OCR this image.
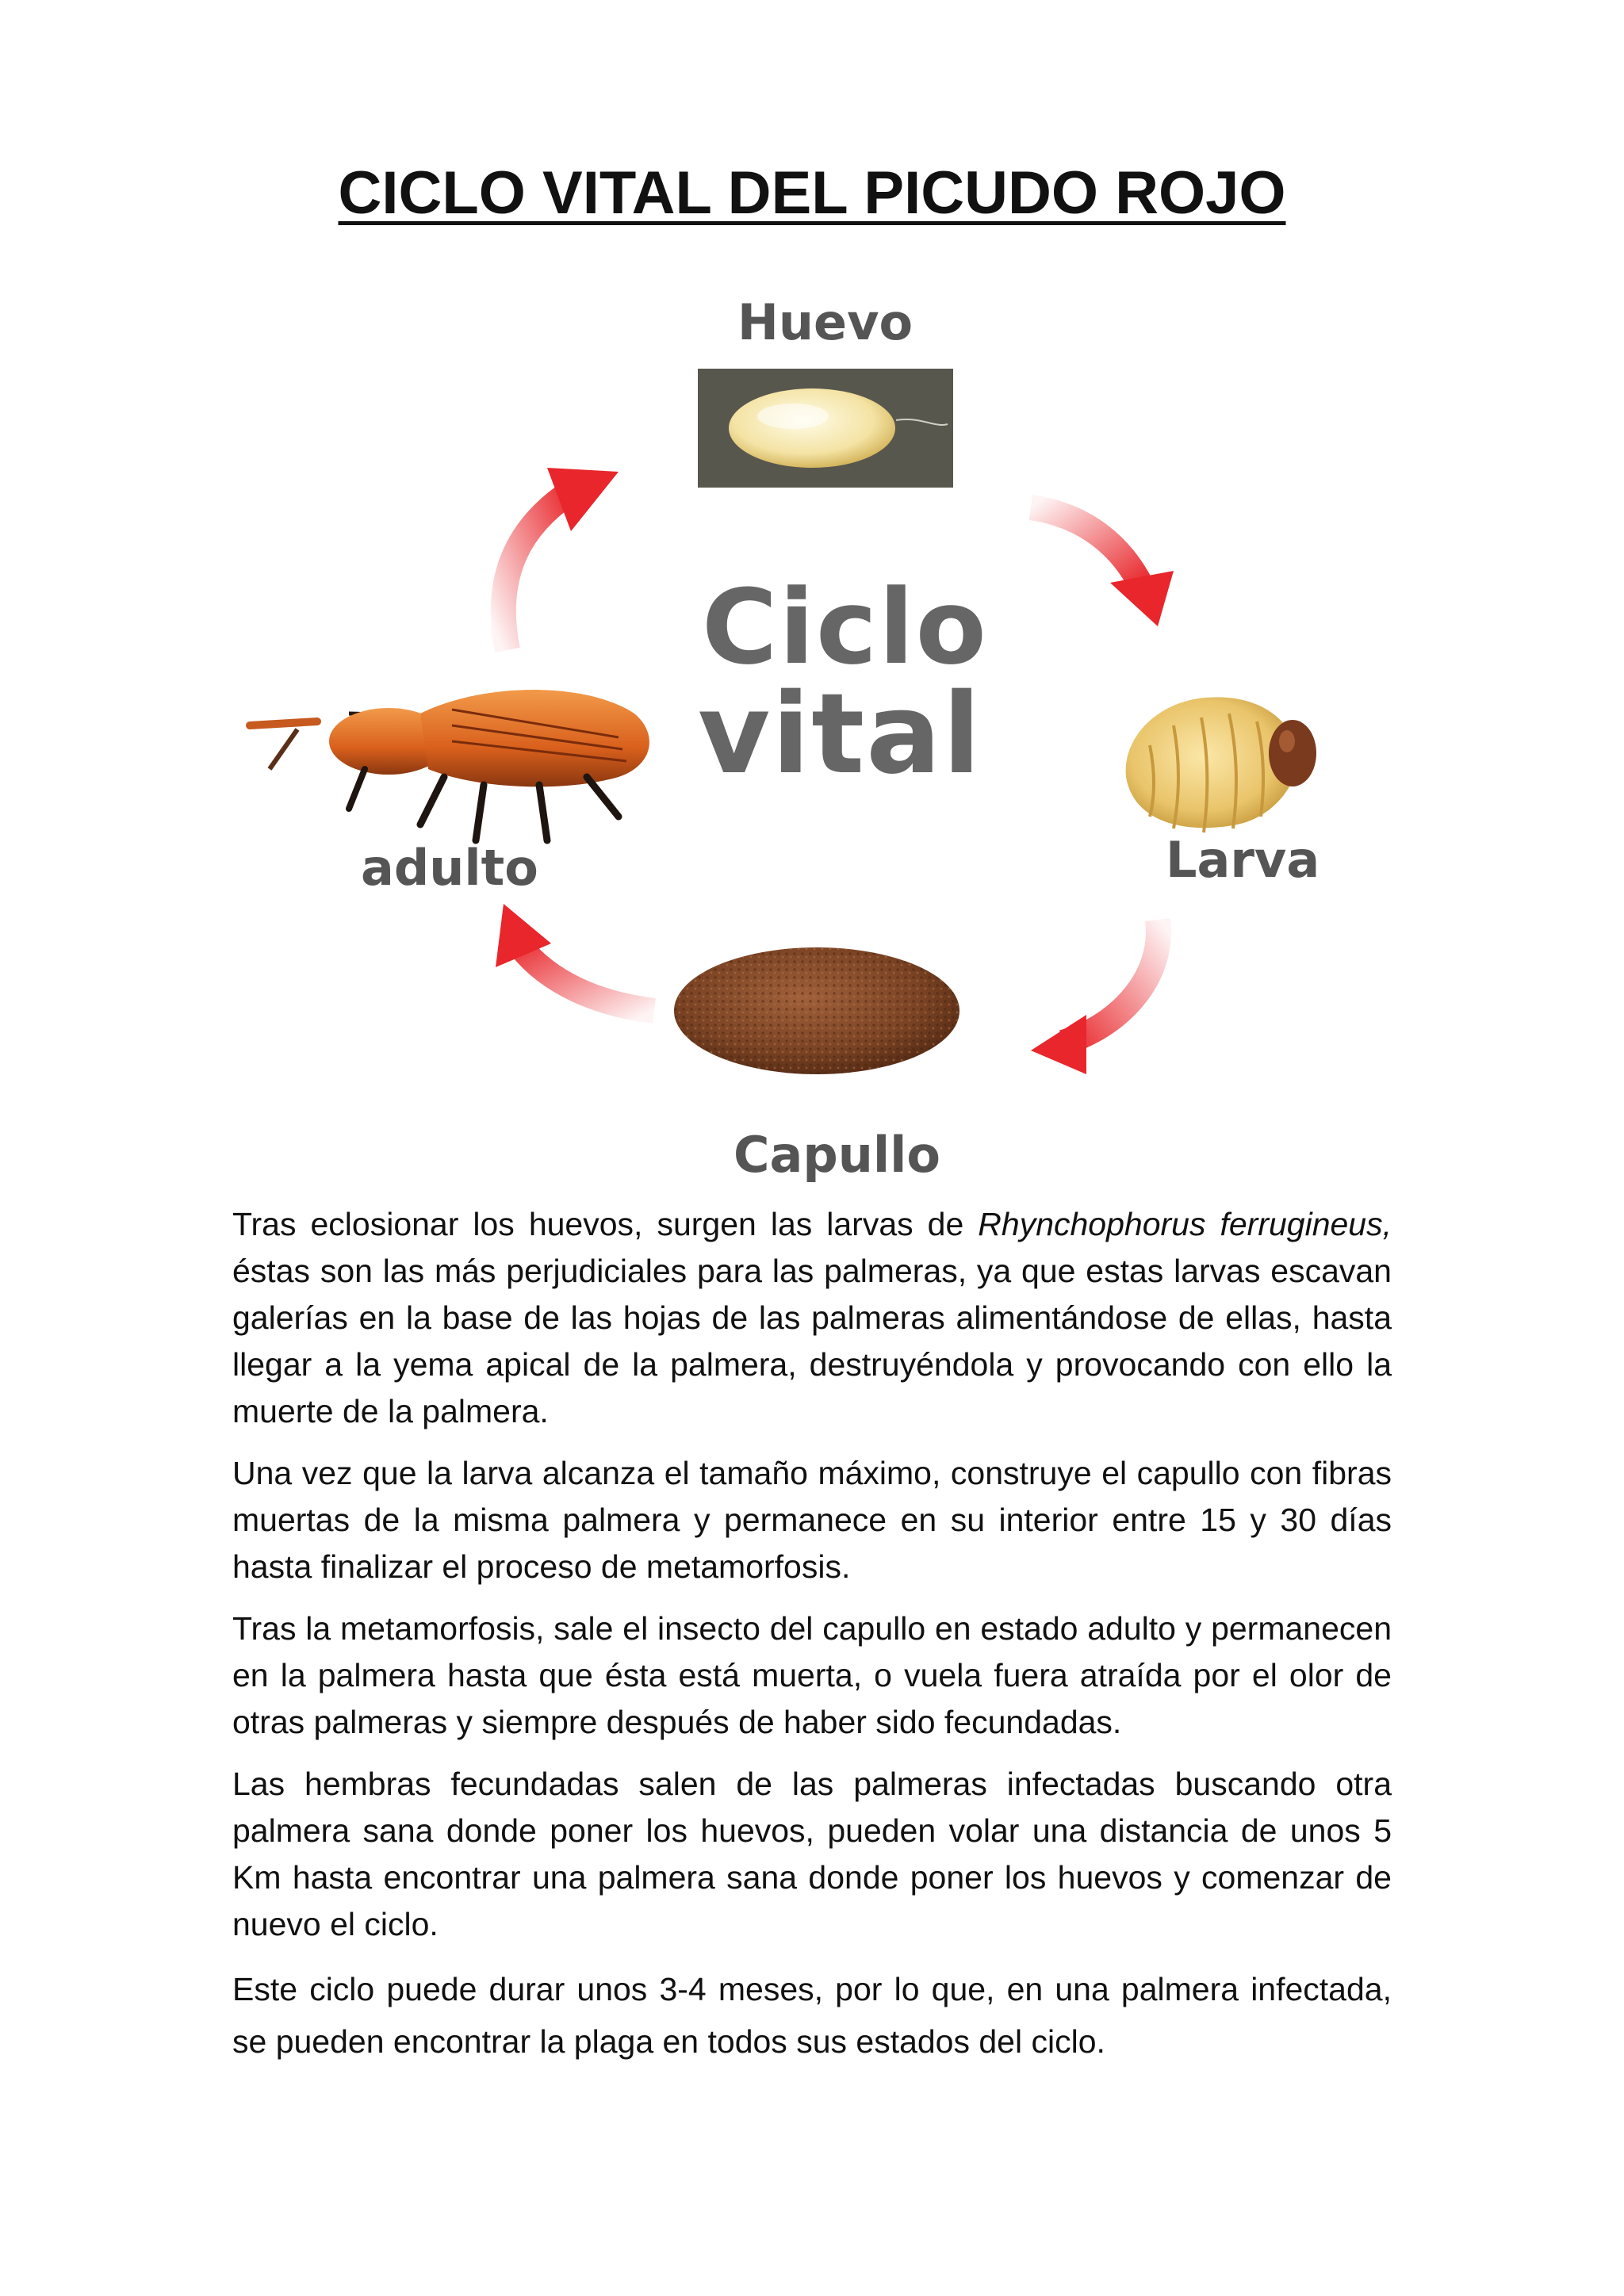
CICLO VITAL DEL PICUDO ROJO
Huevo
Larva
Capullo
adulto
Ciclo
vital

Tras eclosionar los huevos, surgen las larvas de Rhynchophorus ferrugineus, éstas son las más perjudiciales para las palmeras, ya que estas larvas escavan galerías en la base de las hojas de las palmeras alimentándose de ellas, hasta llegar a la yema apical de la palmera, destruyéndola y provocando con ello la muerte de la palmera.

Una vez que la larva alcanza el tamaño máximo, construye el capullo con fibras muertas de la misma palmera y permanece en su interior entre 15 y 30 días hasta finalizar el proceso de metamorfosis.

Tras la metamorfosis, sale el insecto del capullo en estado adulto y permanecen en la palmera hasta que ésta está muerta, o vuela fuera atraída por el olor de otras palmeras y siempre después de haber sido fecundadas.

Las hembras fecundadas salen de las palmeras infectadas buscando otra palmera sana donde poner los huevos, pueden volar una distancia de unos 5 Km hasta encontrar una palmera sana donde poner los huevos y comenzar de nuevo el ciclo.

Este ciclo puede durar unos 3-4 meses, por lo que, en una palmera infectada, se pueden encontrar la plaga en todos sus estados del ciclo.
